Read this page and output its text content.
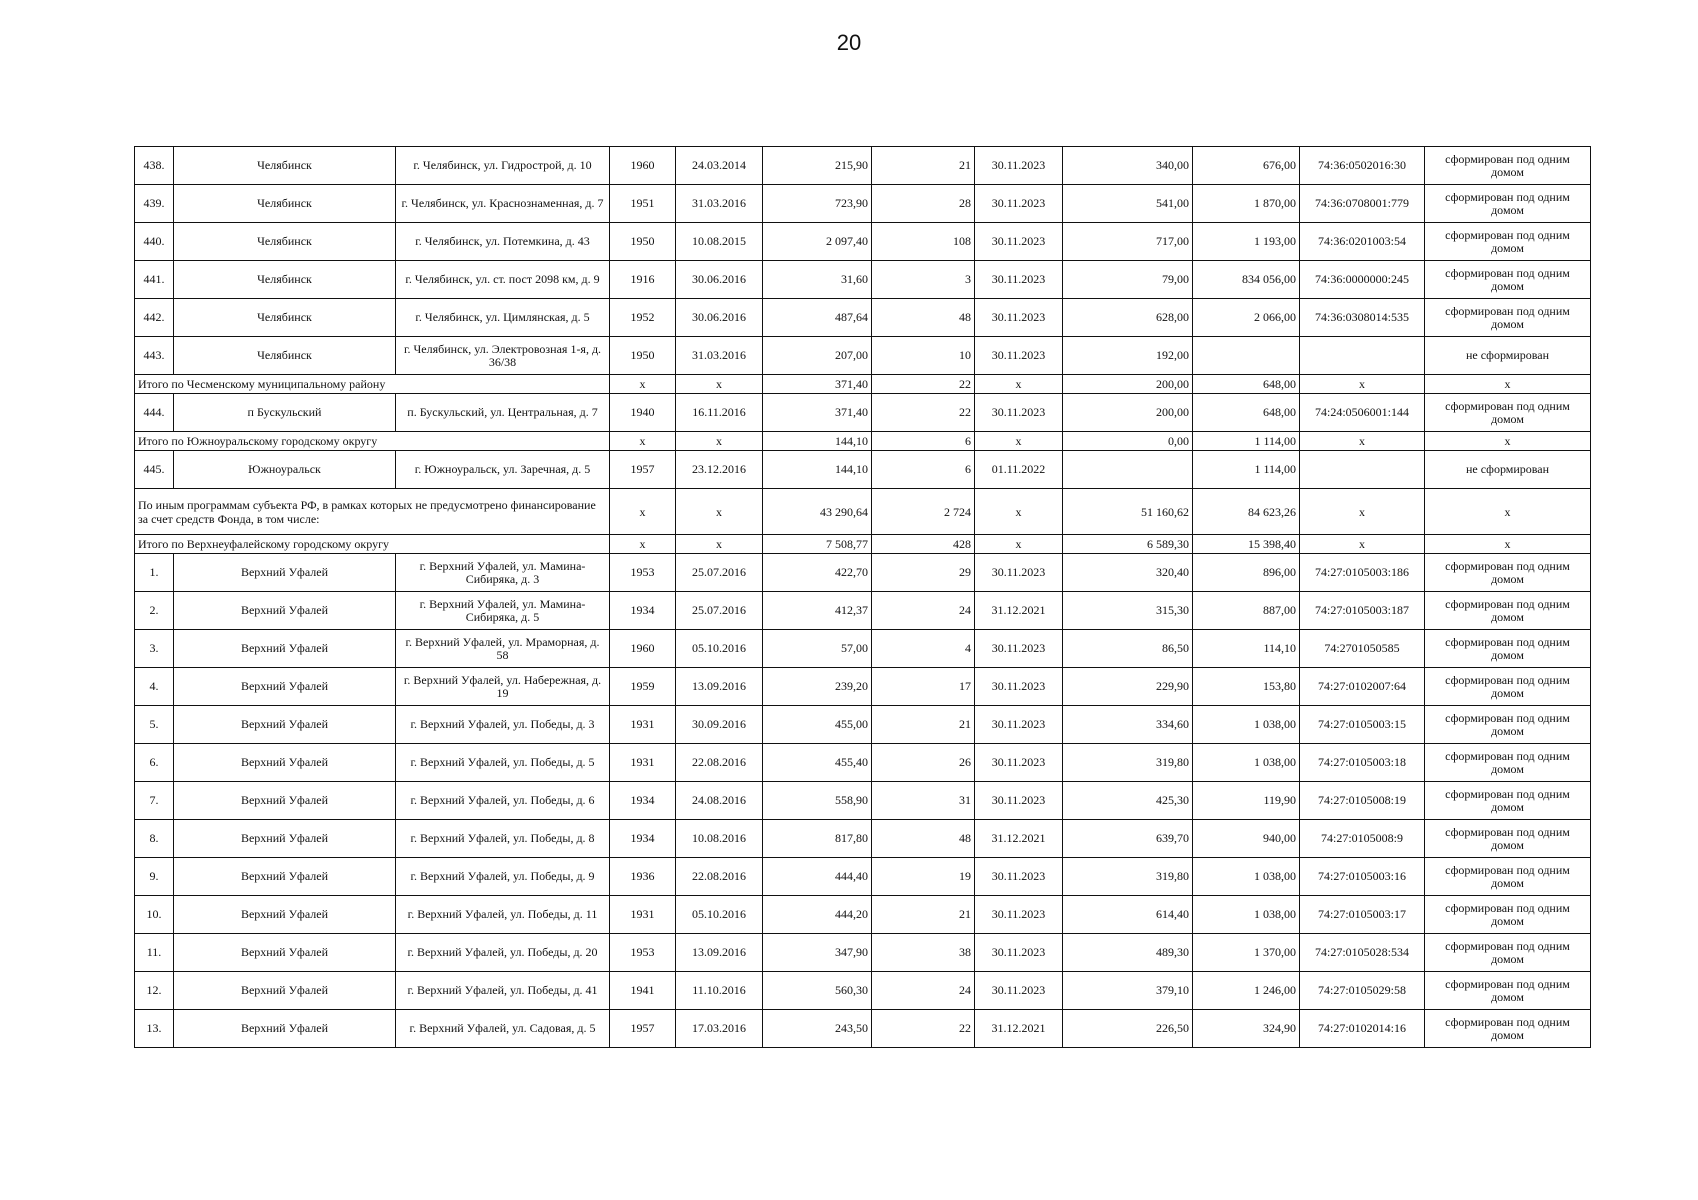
20
438.	Челябинск	г. Челябинск, ул. Гидрострой, д. 10	1960	24.03.2014	215,90	21	30.11.2023	340,00	676,00	74:36:0502016:30	сформирован под одним домом
439.	Челябинск	г. Челябинск, ул. Краснознаменная, д. 7	1951	31.03.2016	723,90	28	30.11.2023	541,00	1 870,00	74:36:0708001:779	сформирован под одним домом
440.	Челябинск	г. Челябинск, ул. Потемкина, д. 43	1950	10.08.2015	2 097,40	108	30.11.2023	717,00	1 193,00	74:36:0201003:54	сформирован под одним домом
441.	Челябинск	г. Челябинск, ул. ст. пост 2098 км, д. 9	1916	30.06.2016	31,60	3	30.11.2023	79,00	834 056,00	74:36:0000000:245	сформирован под одним домом
442.	Челябинск	г. Челябинск, ул. Цимлянская, д. 5	1952	30.06.2016	487,64	48	30.11.2023	628,00	2 066,00	74:36:0308014:535	сформирован под одним домом
443.	Челябинск	г. Челябинск, ул. Электровозная 1-я, д. 36/38	1950	31.03.2016	207,00	10	30.11.2023	192,00			не сформирован
Итого по Чесменскому муниципальному району			x	x	371,40	22	x	200,00	648,00	x	x
444.	п Бускульский	п. Бускульский, ул. Центральная, д. 7	1940	16.11.2016	371,40	22	30.11.2023	200,00	648,00	74:24:0506001:144	сформирован под одним домом
Итого по Южноуральскому городскому округу			x	x	144,10	6	x	0,00	1 114,00	x	x
445.	Южноуральск	г. Южноуральск, ул. Заречная, д. 5	1957	23.12.2016	144,10	6	01.11.2022		1 114,00		не сформирован
По иным программам субъекта РФ, в рамках которых не предусмотрено финансирование за счет средств Фонда, в том числе:			x	x	43 290,64	2 724	x	51 160,62	84 623,26	x	x
Итого по Верхнеуфалейскому городскому округу			x	x	7 508,77	428	x	6 589,30	15 398,40	x	x
1.	Верхний Уфалей	г. Верхний Уфалей, ул. Мамина-Сибиряка, д. 3	1953	25.07.2016	422,70	29	30.11.2023	320,40	896,00	74:27:0105003:186	сформирован под одним домом
2.	Верхний Уфалей	г. Верхний Уфалей, ул. Мамина-Сибиряка, д. 5	1934	25.07.2016	412,37	24	31.12.2021	315,30	887,00	74:27:0105003:187	сформирован под одним домом
3.	Верхний Уфалей	г. Верхний Уфалей, ул. Мраморная, д. 58	1960	05.10.2016	57,00	4	30.11.2023	86,50	114,10	74:2701050585	сформирован под одним домом
4.	Верхний Уфалей	г. Верхний Уфалей, ул. Набережная, д. 19	1959	13.09.2016	239,20	17	30.11.2023	229,90	153,80	74:27:0102007:64	сформирован под одним домом
5.	Верхний Уфалей	г. Верхний Уфалей, ул. Победы, д. 3	1931	30.09.2016	455,00	21	30.11.2023	334,60	1 038,00	74:27:0105003:15	сформирован под одним домом
6.	Верхний Уфалей	г. Верхний Уфалей, ул. Победы, д. 5	1931	22.08.2016	455,40	26	30.11.2023	319,80	1 038,00	74:27:0105003:18	сформирован под одним домом
7.	Верхний Уфалей	г. Верхний Уфалей, ул. Победы, д. 6	1934	24.08.2016	558,90	31	30.11.2023	425,30	119,90	74:27:0105008:19	сформирован под одним домом
8.	Верхний Уфалей	г. Верхний Уфалей, ул. Победы, д. 8	1934	10.08.2016	817,80	48	31.12.2021	639,70	940,00	74:27:0105008:9	сформирован под одним домом
9.	Верхний Уфалей	г. Верхний Уфалей, ул. Победы, д. 9	1936	22.08.2016	444,40	19	30.11.2023	319,80	1 038,00	74:27:0105003:16	сформирован под одним домом
10.	Верхний Уфалей	г. Верхний Уфалей, ул. Победы, д. 11	1931	05.10.2016	444,20	21	30.11.2023	614,40	1 038,00	74:27:0105003:17	сформирован под одним домом
11.	Верхний Уфалей	г. Верхний Уфалей, ул. Победы, д. 20	1953	13.09.2016	347,90	38	30.11.2023	489,30	1 370,00	74:27:0105028:534	сформирован под одним домом
12.	Верхний Уфалей	г. Верхний Уфалей, ул. Победы, д. 41	1941	11.10.2016	560,30	24	30.11.2023	379,10	1 246,00	74:27:0105029:58	сформирован под одним домом
13.	Верхний Уфалей	г. Верхний Уфалей, ул. Садовая, д. 5	1957	17.03.2016	243,50	22	31.12.2021	226,50	324,90	74:27:0102014:16	сформирован под одним домом
